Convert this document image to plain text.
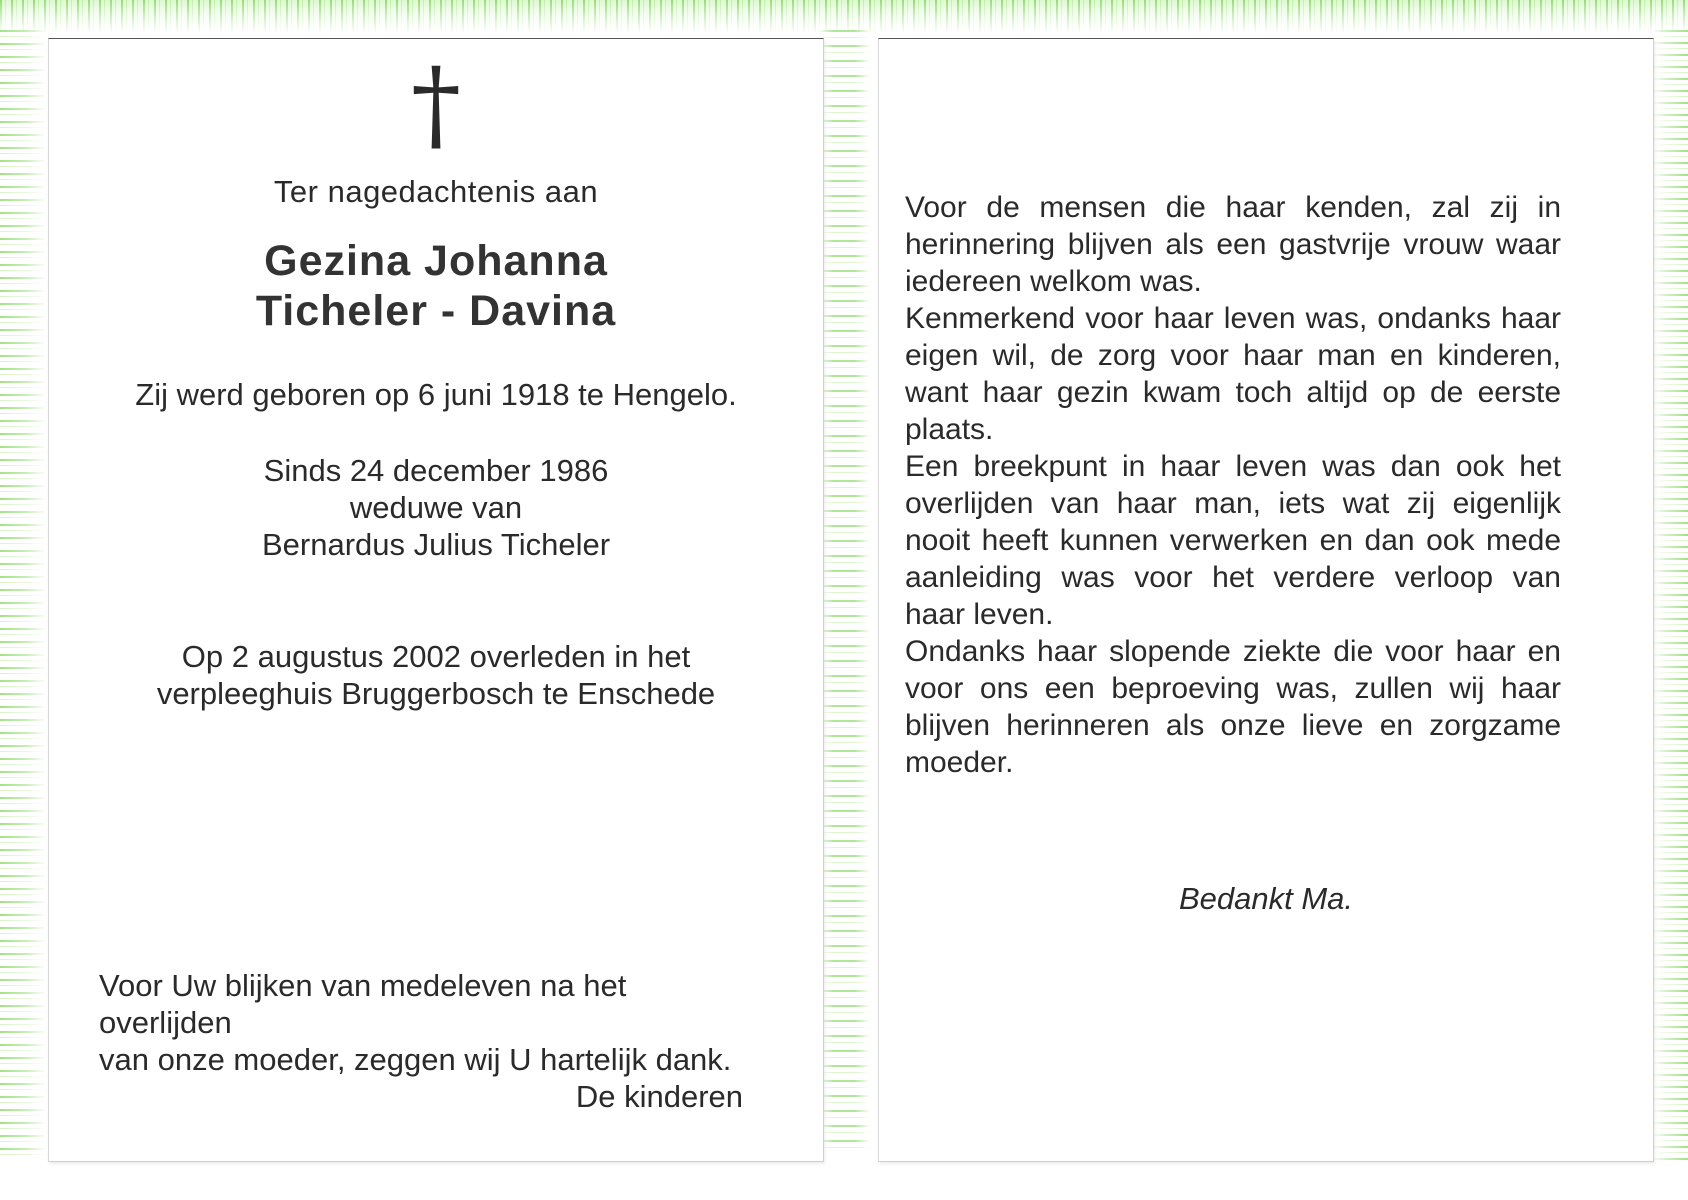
†
Ter nagedachtenis aan
Gezina Johanna
Ticheler - Davina
Zij werd geboren op 6 juni 1918 te Hengelo.
Sinds 24 december 1986
weduwe van
Bernardus Julius Ticheler
Op 2 augustus 2002 overleden in het
verpleeghuis Bruggerbosch te Enschede
Voor Uw blijken van medeleven na het overlijden
van onze moeder, zeggen wij U hartelijk dank.
De kinderen

Voor de mensen die haar kenden, zal zij in herinnering blijven als een gastvrije vrouw waar iedereen welkom was.

Kenmerkend voor haar leven was, ondanks haar eigen wil, de zorg voor haar man en kinderen, want haar gezin kwam toch altijd op de eerste plaats.

Een breekpunt in haar leven was dan ook het overlijden van haar man, iets wat zij eigenlijk nooit heeft kunnen verwerken en dan ook mede aanleiding was voor het verdere verloop van haar leven.

Ondanks haar slopende ziekte die voor haar en voor ons een beproeving was, zullen wij haar blijven herinneren als onze lieve en zorgzame moeder.

Bedankt Ma.
